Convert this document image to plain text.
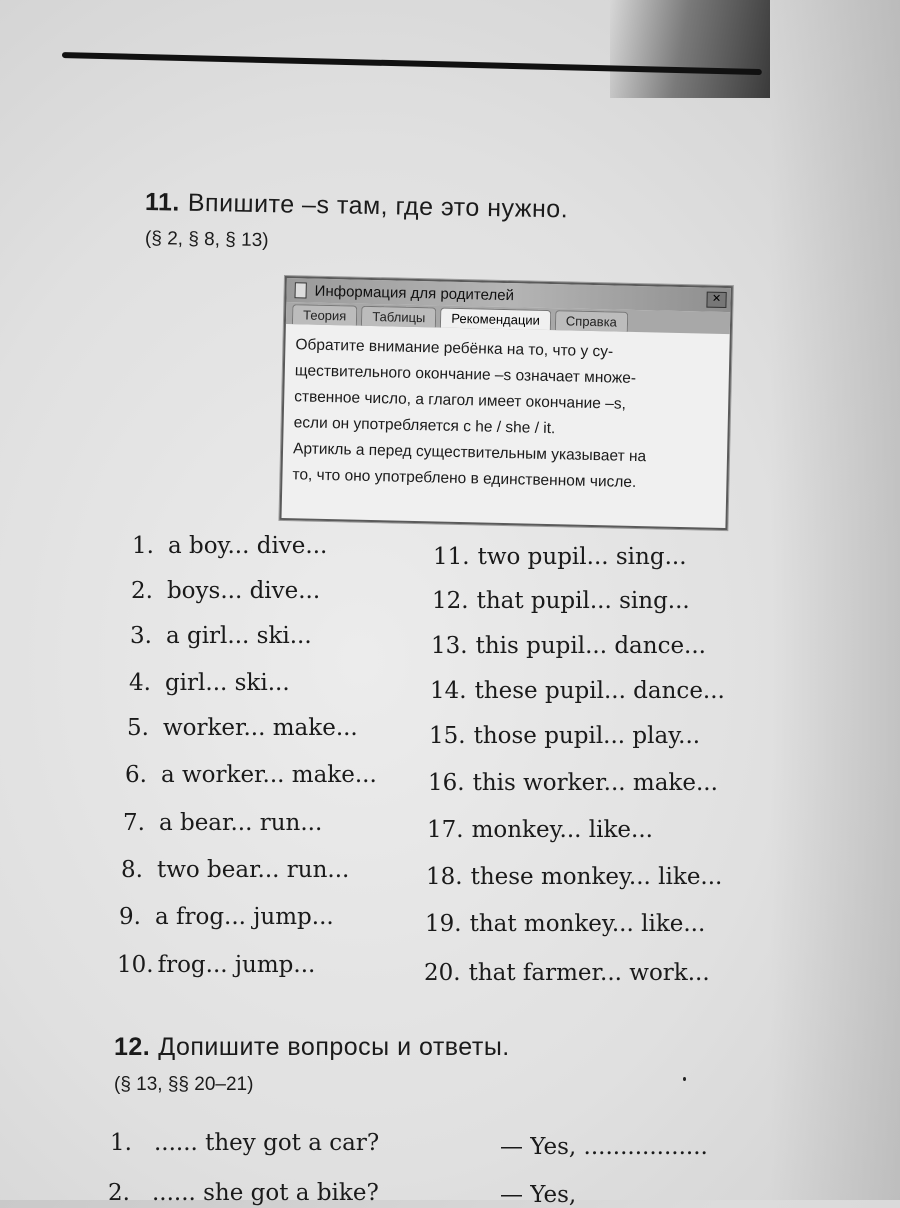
11. Впишите –s там, где это нужно.
(§ 2, § 8, § 13)
Информация для родителей	✕
Теория	Таблицы	Рекомендации	Справка
Обратите внимание ребёнка на то, что у су-
ществительного окончание –s означает множе-
ственное число, а глагол имеет окончание –s,
если он употребляется с he / she / it.
Артикль a перед существительным указывает на
то, что оно употреблено в единственном числе.
1. a boy... dive...
2. boys... dive...
3. a girl... ski...
4. girl... ski...
5. worker... make...
6. a worker... make...
7. a bear... run...
8. two bear... run...
9. a frog... jump...
10. frog... jump...
11. two pupil... sing...
12. that pupil... sing...
13. this pupil... dance...
14. these pupil... dance...
15. those pupil... play...
16. this worker... make...
17. monkey... like...
18. these monkey... like...
19. that monkey... like...
20. that farmer... work...
12. Допишите вопросы и ответы.
(§ 13, §§ 20–21)
1. ...... they got a car?	— Yes, .................
2. ...... she got a bike?	— Yes,
